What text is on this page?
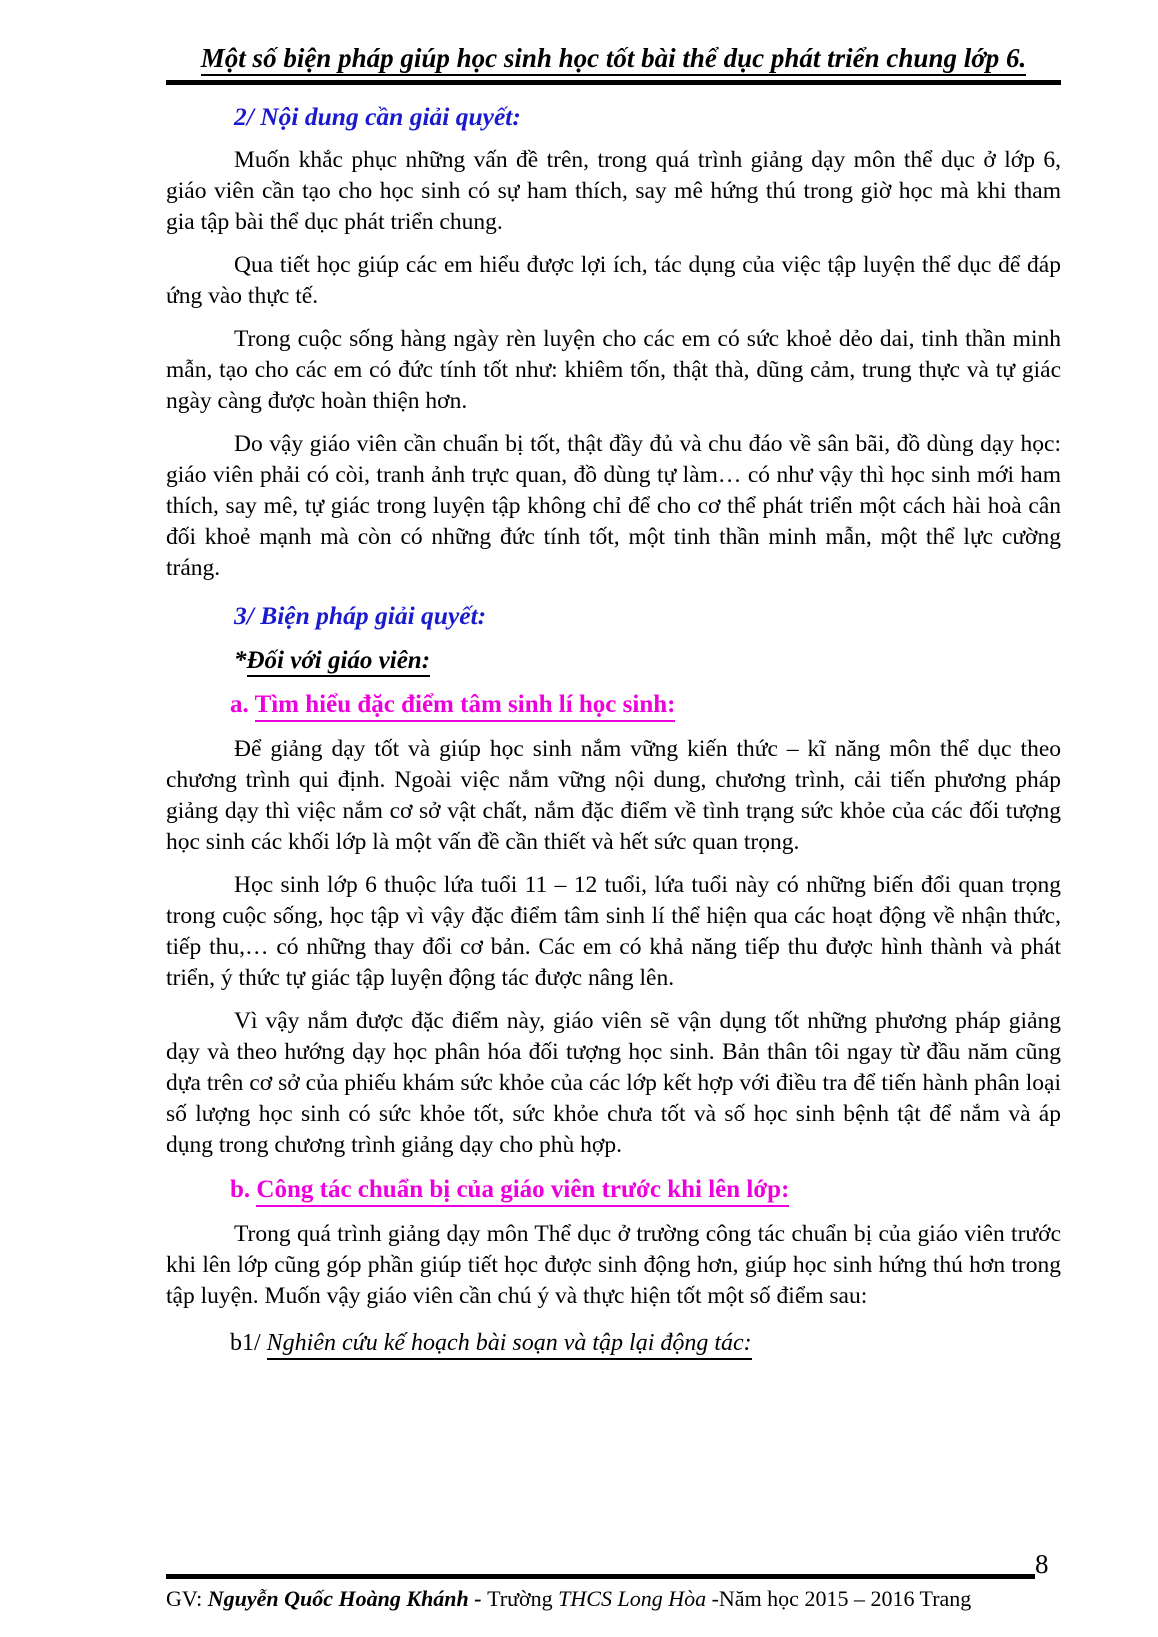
Một số biện pháp giúp học sinh học tốt bài thể dục phát triển chung lớp 6.
2/ Nội dung cần giải quyết:

Muốn khắc phục những vấn đề trên, trong quá trình giảng dạy môn thể dục ở lớp 6, giáo viên cần tạo cho học sinh có sự ham thích, say mê hứng thú trong giờ học mà khi tham gia tập bài thể dục phát triển chung.

Qua tiết học giúp các em hiểu được lợi ích, tác dụng của việc tập luyện thể dục để đáp ứng vào thực tế.

Trong cuộc sống hàng ngày rèn luyện cho các em có sức khoẻ dẻo dai, tinh thần minh mẫn, tạo cho các em có đức tính tốt như: khiêm tốn, thật thà, dũng cảm, trung thực và tự giác ngày càng được hoàn thiện hơn.

Do vậy giáo viên cần chuẩn bị tốt, thật đầy đủ và chu đáo về sân bãi, đồ dùng dạy học: giáo viên phải có còi, tranh ảnh trực quan, đồ dùng tự làm… có như vậy thì học sinh mới ham thích, say mê, tự giác trong luyện tập không chỉ để cho cơ thể phát triển một cách hài hoà cân đối khoẻ mạnh mà còn có những đức tính tốt, một tinh thần minh mẫn, một thể lực cường tráng.

3/ Biện pháp giải quyết:
*Đối với giáo viên:
a. Tìm hiểu đặc điểm tâm sinh lí học sinh:

Để giảng dạy tốt và giúp học sinh nắm vững kiến thức – kĩ năng môn thể dục theo chương trình qui định. Ngoài việc nắm vững nội dung, chương trình, cải tiến phương pháp giảng dạy thì việc nắm cơ sở vật chất, nắm đặc điểm về tình trạng sức khỏe của các đối tượng học sinh các khối lớp là một vấn đề cần thiết và hết sức quan trọng.

Học sinh lớp 6 thuộc lứa tuổi 11 – 12 tuổi, lứa tuổi này có những biến đổi quan trọng trong cuộc sống, học tập vì vậy đặc điểm tâm sinh lí thể hiện qua các hoạt động về nhận thức, tiếp thu,… có những thay đổi cơ bản. Các em có khả năng tiếp thu được hình thành và phát triển, ý thức tự giác tập luyện động tác được nâng lên.

Vì vậy nắm được đặc điểm này, giáo viên sẽ vận dụng tốt những phương pháp giảng dạy và theo hướng dạy học phân hóa đối tượng học sinh. Bản thân tôi ngay từ đầu năm cũng dựa trên cơ sở của phiếu khám sức khỏe của các lớp kết hợp với điều tra để tiến hành phân loại số lượng học sinh có sức khỏe tốt, sức khỏe chưa tốt và số học sinh bệnh tật để nắm và áp dụng trong chương trình giảng dạy cho phù hợp.

b. Công tác chuẩn bị của giáo viên trước khi lên lớp:

Trong quá trình giảng dạy môn Thể dục ở trường công tác chuẩn bị của giáo viên trước khi lên lớp cũng góp phần giúp tiết học được sinh động hơn, giúp học sinh hứng thú hơn trong tập luyện. Muốn vậy giáo viên cần chú ý và thực hiện tốt một số điểm sau:

b1/ Nghiên cứu kế hoạch bài soạn và tập lại động tác:
8
GV: Nguyễn Quốc Hoàng Khánh - Trường THCS Long Hòa -Năm học 2015 – 2016 Trang
